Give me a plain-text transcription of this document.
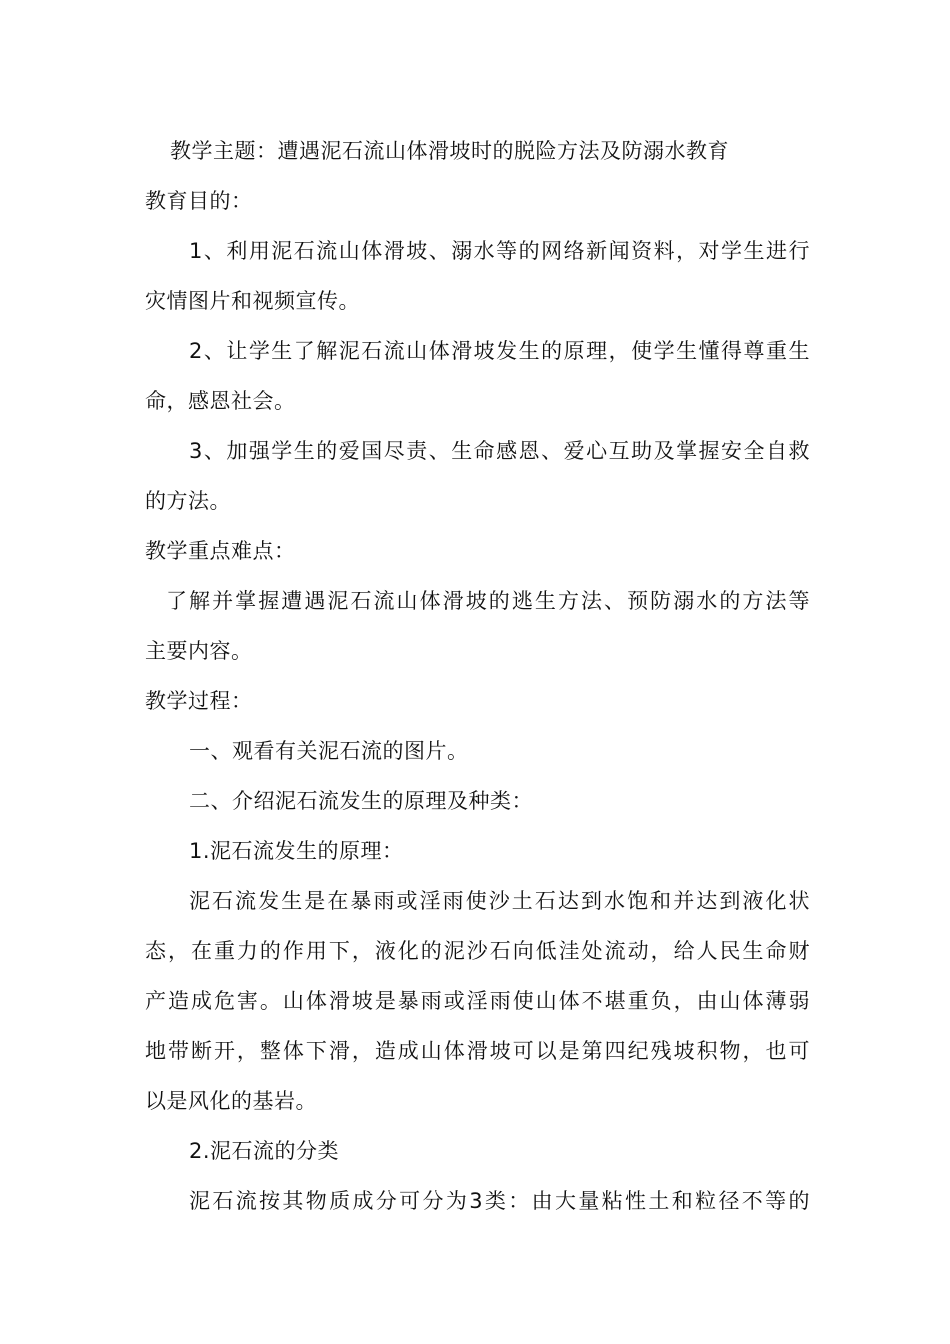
教学主题：遭遇泥石流山体滑坡时的脱险方法及防溺水教育
教育目的：
1、利用泥石流山体滑坡、溺水等的网络新闻资料，对学生进行
灾情图片和视频宣传。
2、让学生了解泥石流山体滑坡发生的原理，使学生懂得尊重生
命，感恩社会。
3、加强学生的爱国尽责、生命感恩、爱心互助及掌握安全自救
的方法。
教学重点难点：
了解并掌握遭遇泥石流山体滑坡的逃生方法、预防溺水的方法等
主要内容。
教学过程：
一、观看有关泥石流的图片。
二、介绍泥石流发生的原理及种类：
1.泥石流发生的原理：
泥石流发生是在暴雨或淫雨使沙土石达到水饱和并达到液化状
态，在重力的作用下，液化的泥沙石向低洼处流动，给人民生命财
产造成危害。山体滑坡是暴雨或淫雨使山体不堪重负，由山体薄弱
地带断开，整体下滑，造成山体滑坡可以是第四纪残坡积物，也可
以是风化的基岩。
2.泥石流的分类
泥石流按其物质成分可分为3类：由大量粘性土和粒径不等的
